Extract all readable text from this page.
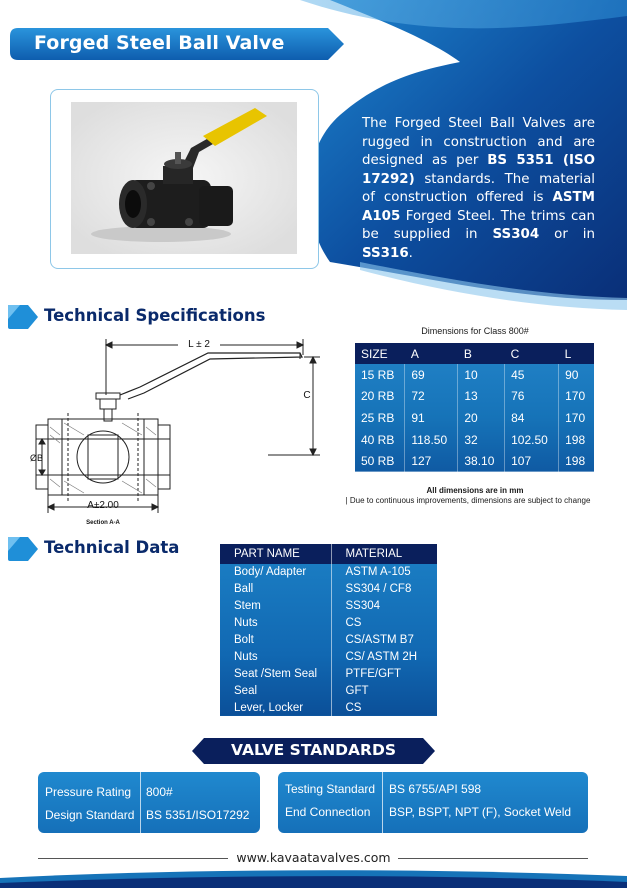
Forged Steel Ball Valve

The Forged Steel Ball Valves are rugged in construction and are designed as per BS 5351 (ISO 17292) standards. The material of construction offered is ASTM A105 Forged Steel. The trims can be supplied in SS304 or in SS316.

Technical Specifications
L ± 2
C
ØB
A±2.00
Section A-A
Dimensions for Class 800#
SIZE	A	B	C	L
15 RB	69	10	45	90
20 RB	72	13	76	170
25 RB	91	20	84	170
40 RB	118.50	32	102.50	198
50 RB	127	38.10	107	198
All dimensions are in mm
| Due to continuous improvements, dimensions are subject to change
Technical Data	PART NAME	MATERIAL
Body/ Adapter	ASTM A-105
Ball	SS304 / CF8
Stem	SS304
Nuts	CS
Bolt	CS/ASTM B7
Nuts	CS/ ASTM 2H
Seat /Stem Seal	PTFE/GFT
Seal	GFT
Lever, Locker	CS
VALVE STANDARDS
Pressure Rating 800#
Design Standard BS 5351/ISO17292
Testing Standard BS 6755/API 598
End Connection BSP, BSPT, NPT (F), Socket Weld
www.kavaatavalves.com
